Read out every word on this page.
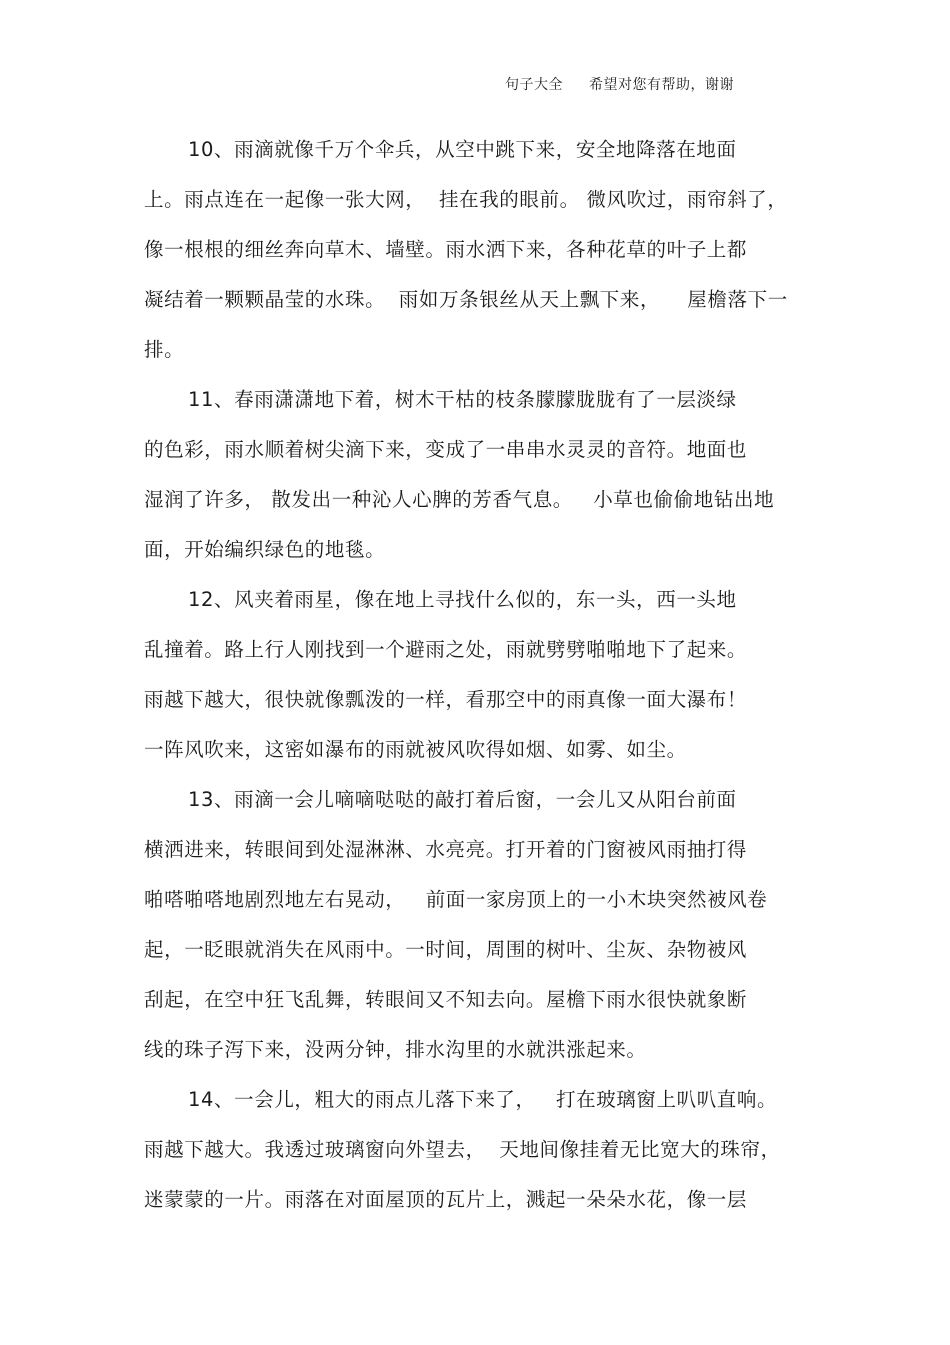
句子大全 希望对您有帮助，谢谢
10、雨滴就像千万个伞兵，从空中跳下来，安全地降落在地面
上。雨点连在一起像一张大网，  挂在我的眼前。 微风吹过，雨帘斜了，
像一根根的细丝奔向草木、墙壁。雨水洒下来，各种花草的叶子上都
凝结着一颗颗晶莹的水珠。  雨如万条银丝从天上飘下来，    屋檐落下一
排。
11、春雨潇潇地下着，树木干枯的枝条朦朦胧胧有了一层淡绿
的色彩，雨水顺着树尖滴下来，变成了一串串水灵灵的音符。地面也
湿润了许多， 散发出一种沁人心脾的芳香气息。   小草也偷偷地钻出地
面，开始编织绿色的地毯。
12、风夹着雨星，像在地上寻找什么似的，东一头，西一头地
乱撞着。路上行人刚找到一个避雨之处，雨就劈劈啪啪地下了起来。
雨越下越大，很快就像瓢泼的一样，看那空中的雨真像一面大瀑布！
一阵风吹来，这密如瀑布的雨就被风吹得如烟、如雾、如尘。
13、雨滴一会儿嘀嘀哒哒的敲打着后窗，一会儿又从阳台前面
横洒进来，转眼间到处湿淋淋、水亮亮。打开着的门窗被风雨抽打得
啪嗒啪嗒地剧烈地左右晃动，   前面一家房顶上的一小木块突然被风卷
起，一眨眼就消失在风雨中。一时间，周围的树叶、尘灰、杂物被风
刮起，在空中狂飞乱舞，转眼间又不知去向。屋檐下雨水很快就象断
线的珠子泻下来，没两分钟，排水沟里的水就洪涨起来。
14、一会儿，粗大的雨点儿落下来了，   打在玻璃窗上叭叭直响。
雨越下越大。我透过玻璃窗向外望去，  天地间像挂着无比宽大的珠帘，
迷蒙蒙的一片。雨落在对面屋顶的瓦片上，溅起一朵朵水花，像一层
